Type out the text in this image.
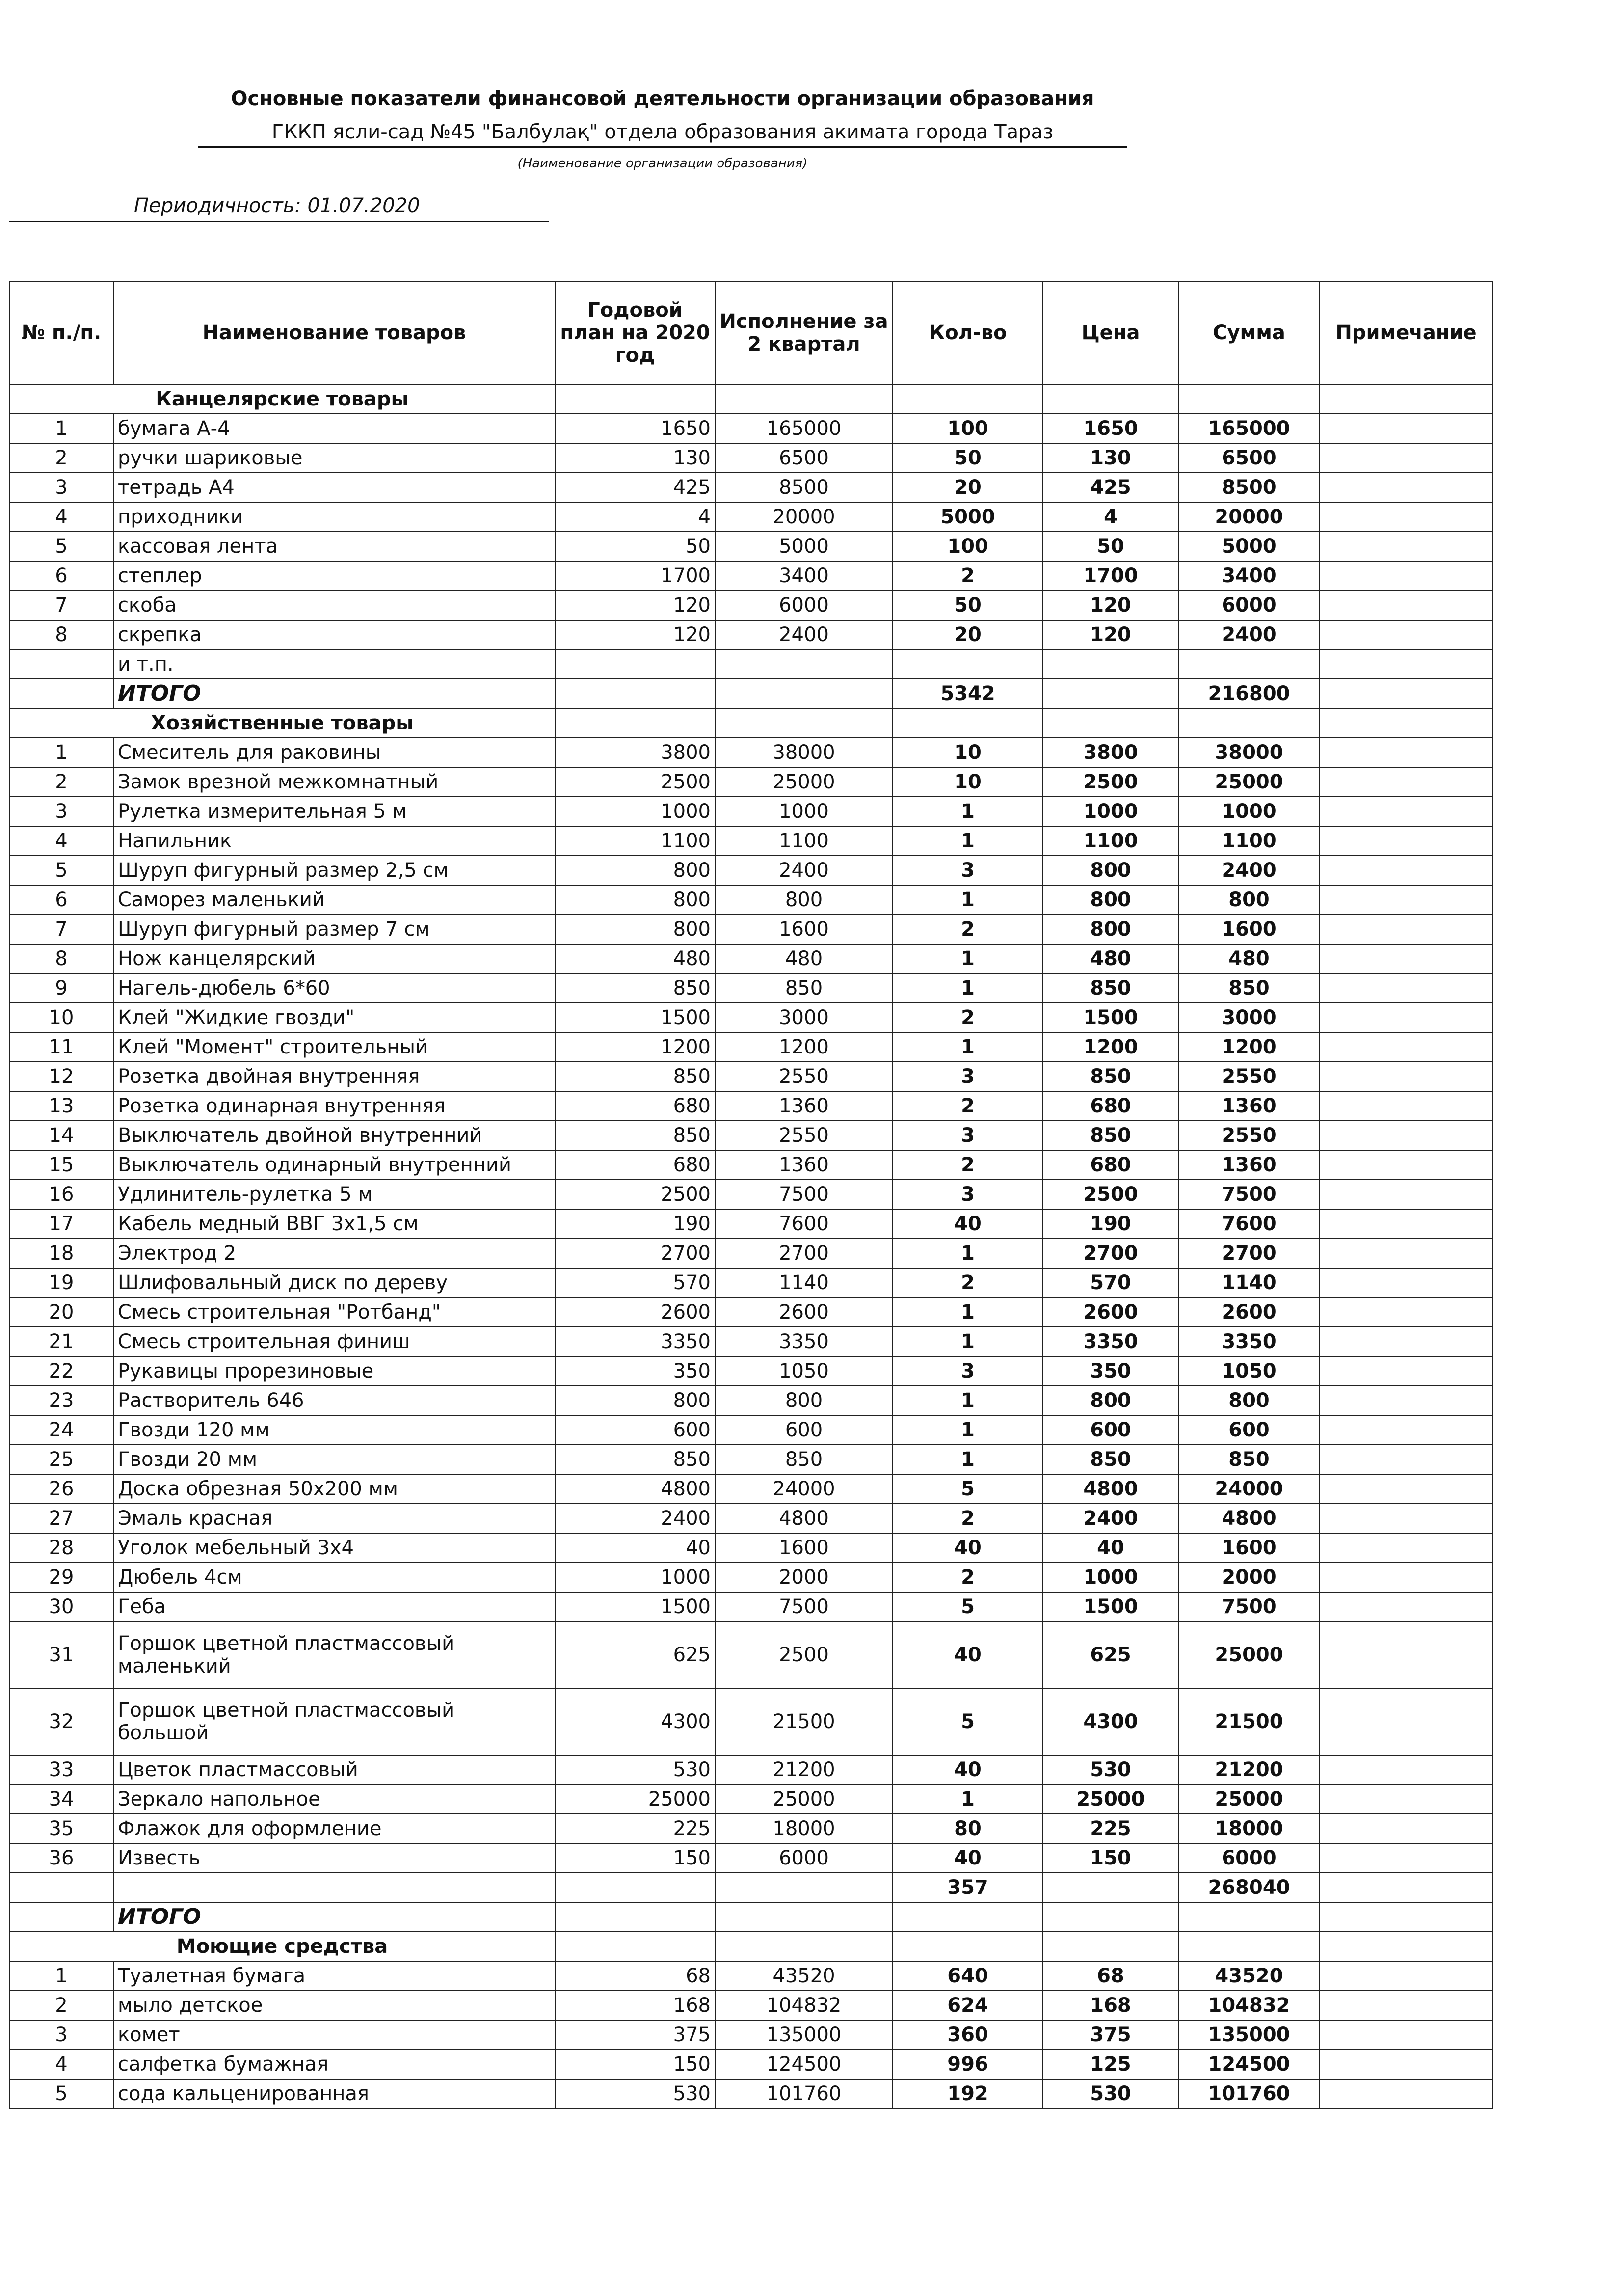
Основные показатели финансовой деятельности организации образования
ГККП ясли-сад №45 "Балбулақ" отдела образования акимата города Тараз
(Наименование организации образования)
Периодичность: 01.07.2020
№ п./п.	Наименование товаров	Годовой план на 2020 год	Исполнение за 2 квартал	Кол-во	Цена	Сумма	Примечание
Канцелярские товары							
1	бумага А-4	1650	165000	100	1650	165000	
2	ручки шариковые	130	6500	50	130	6500	
3	тетрадь А4	425	8500	20	425	8500	
4	приходники	4	20000	5000	4	20000	
5	кассовая лента	50	5000	100	50	5000	
6	степлер	1700	3400	2	1700	3400	
7	скоба	120	6000	50	120	6000	
8	скрепка	120	2400	20	120	2400	
	и т.п.						
	ИТОГО			5342		216800	
Хозяйственные товары							
1	Смеситель для раковины	3800	38000	10	3800	38000	
2	Замок врезной межкомнатный	2500	25000	10	2500	25000	
3	Рулетка измерительная 5 м	1000	1000	1	1000	1000	
4	Напильник	1100	1100	1	1100	1100	
5	Шуруп фигурный размер 2,5 см	800	2400	3	800	2400	
6	Саморез маленький	800	800	1	800	800	
7	Шуруп фигурный размер 7 см	800	1600	2	800	1600	
8	Нож канцелярский	480	480	1	480	480	
9	Нагель-дюбель 6*60	850	850	1	850	850	
10	Клей "Жидкие гвозди"	1500	3000	2	1500	3000	
11	Клей "Момент" строительный	1200	1200	1	1200	1200	
12	Розетка двойная внутренняя	850	2550	3	850	2550	
13	Розетка одинарная внутренняя	680	1360	2	680	1360	
14	Выключатель двойной внутренний	850	2550	3	850	2550	
15	Выключатель одинарный внутренний	680	1360	2	680	1360	
16	Удлинитель-рулетка 5 м	2500	7500	3	2500	7500	
17	Кабель медный ВВГ 3х1,5 см	190	7600	40	190	7600	
18	Электрод 2	2700	2700	1	2700	2700	
19	Шлифовальный диск по дереву	570	1140	2	570	1140	
20	Смесь строительная "Ротбанд"	2600	2600	1	2600	2600	
21	Смесь строительная финиш	3350	3350	1	3350	3350	
22	Рукавицы прорезиновые	350	1050	3	350	1050	
23	Растворитель 646	800	800	1	800	800	
24	Гвозди 120 мм	600	600	1	600	600	
25	Гвозди 20 мм	850	850	1	850	850	
26	Доска обрезная 50х200 мм	4800	24000	5	4800	24000	
27	Эмаль красная	2400	4800	2	2400	4800	
28	Уголок мебельный 3х4	40	1600	40	40	1600	
29	Дюбель 4см	1000	2000	2	1000	2000	
30	Геба	1500	7500	5	1500	7500	
31	Горшок цветной пластмассовый маленький	625	2500	40	625	25000	
32	Горшок цветной пластмассовый большой	4300	21500	5	4300	21500	
33	Цветок пластмассовый	530	21200	40	530	21200	
34	Зеркало напольное	25000	25000	1	25000	25000	
35	Флажок для оформление	225	18000	80	225	18000	
36	Известь	150	6000	40	150	6000	
				357		268040	
	ИТОГО						
Моющие средства							
1	Туалетная бумага	68	43520	640	68	43520	
2	мыло детское	168	104832	624	168	104832	
3	комет	375	135000	360	375	135000	
4	салфетка бумажная	150	124500	996	125	124500	
5	сода кальценированная	530	101760	192	530	101760	
